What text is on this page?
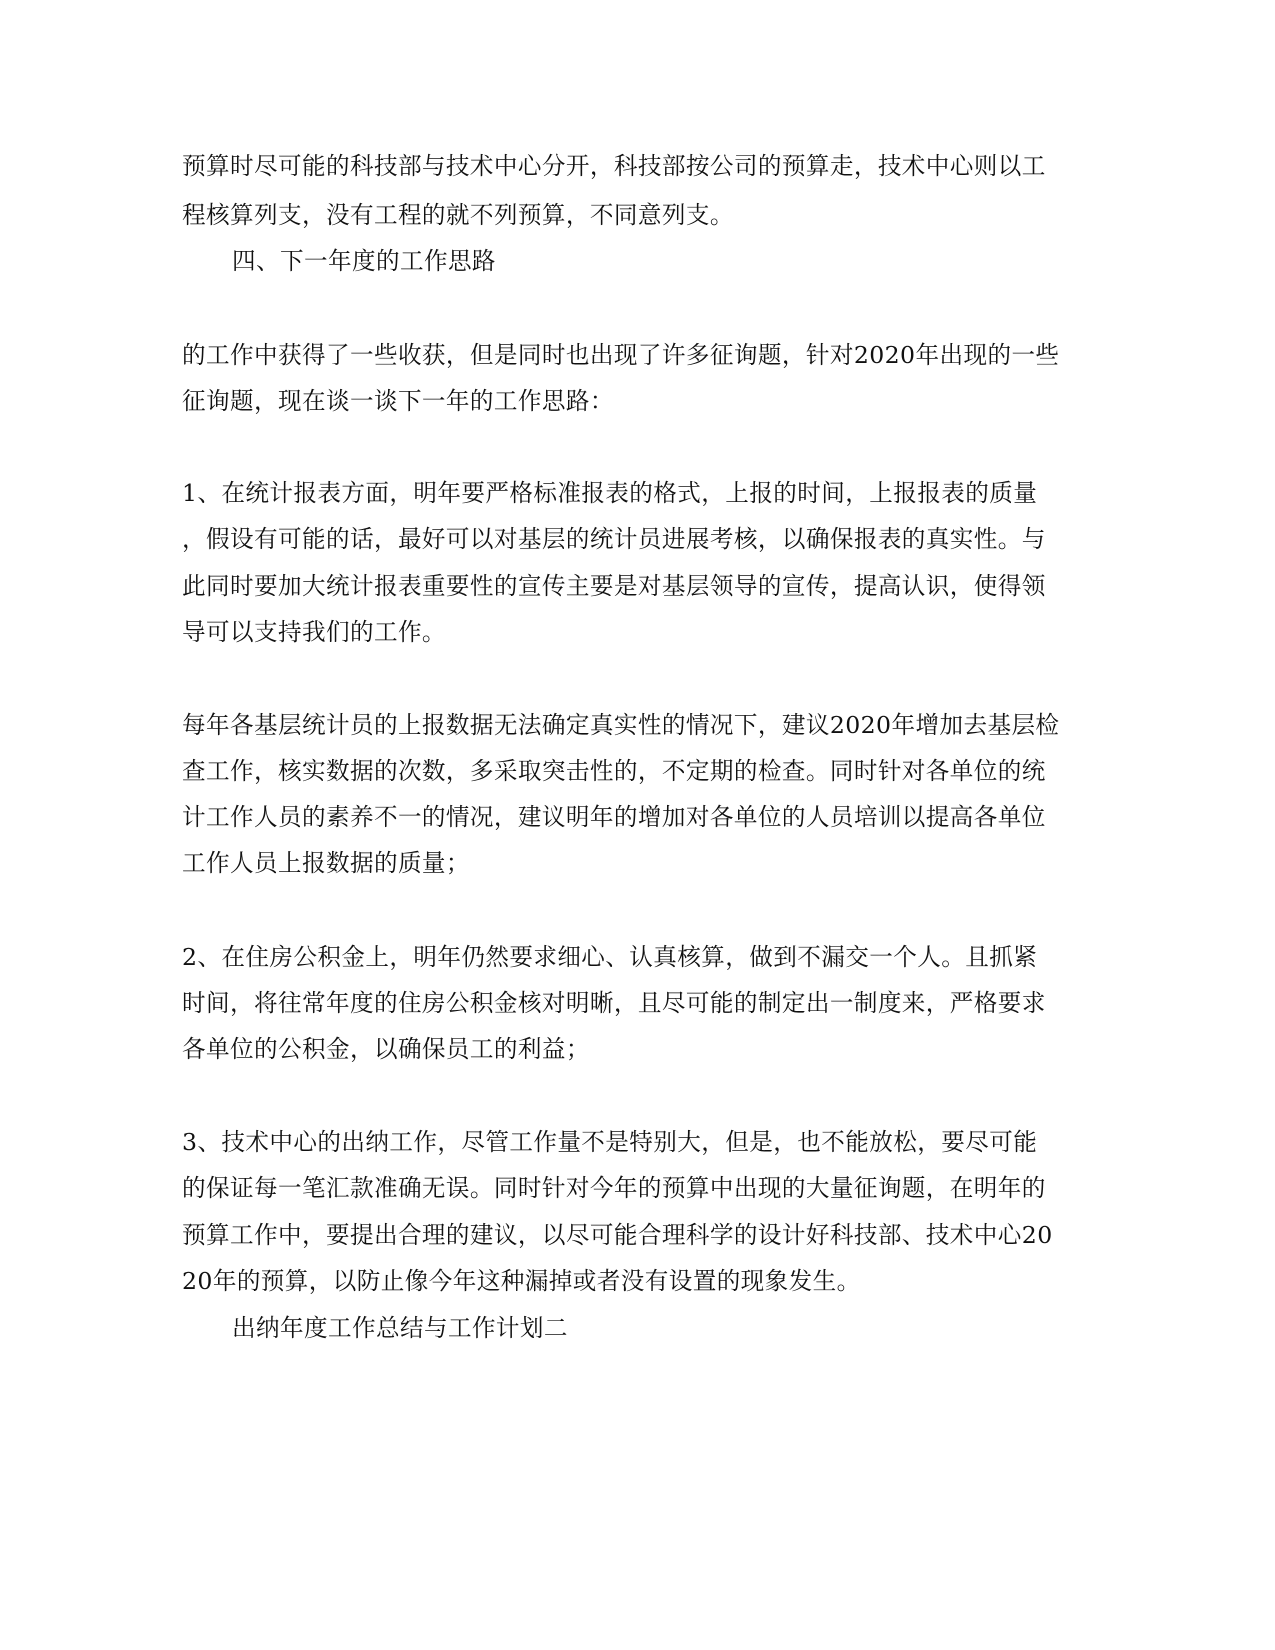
预算时尽可能的科技部与技术中心分开，科技部按公司的预算走，技术中心则以工
程核算列支，没有工程的就不列预算，不同意列支。
四、下一年度的工作思路
的工作中获得了一些收获，但是同时也出现了许多征询题，针对2020年出现的一些
征询题，现在谈一谈下一年的工作思路：
1、在统计报表方面，明年要严格标准报表的格式，上报的时间，上报报表的质量
，假设有可能的话，最好可以对基层的统计员进展考核，以确保报表的真实性。与
此同时要加大统计报表重要性的宣传主要是对基层领导的宣传，提高认识，使得领
导可以支持我们的工作。
每年各基层统计员的上报数据无法确定真实性的情况下，建议2020年增加去基层检
查工作，核实数据的次数，多采取突击性的，不定期的检查。同时针对各单位的统
计工作人员的素养不一的情况，建议明年的增加对各单位的人员培训以提高各单位
工作人员上报数据的质量；
2、在住房公积金上，明年仍然要求细心、认真核算，做到不漏交一个人。且抓紧
时间，将往常年度的住房公积金核对明晰，且尽可能的制定出一制度来，严格要求
各单位的公积金，以确保员工的利益；
3、技术中心的出纳工作，尽管工作量不是特别大，但是，也不能放松，要尽可能
的保证每一笔汇款准确无误。同时针对今年的预算中出现的大量征询题，在明年的
预算工作中，要提出合理的建议，以尽可能合理科学的设计好科技部、技术中心20
20年的预算，以防止像今年这种漏掉或者没有设置的现象发生。
出纳年度工作总结与工作计划二
